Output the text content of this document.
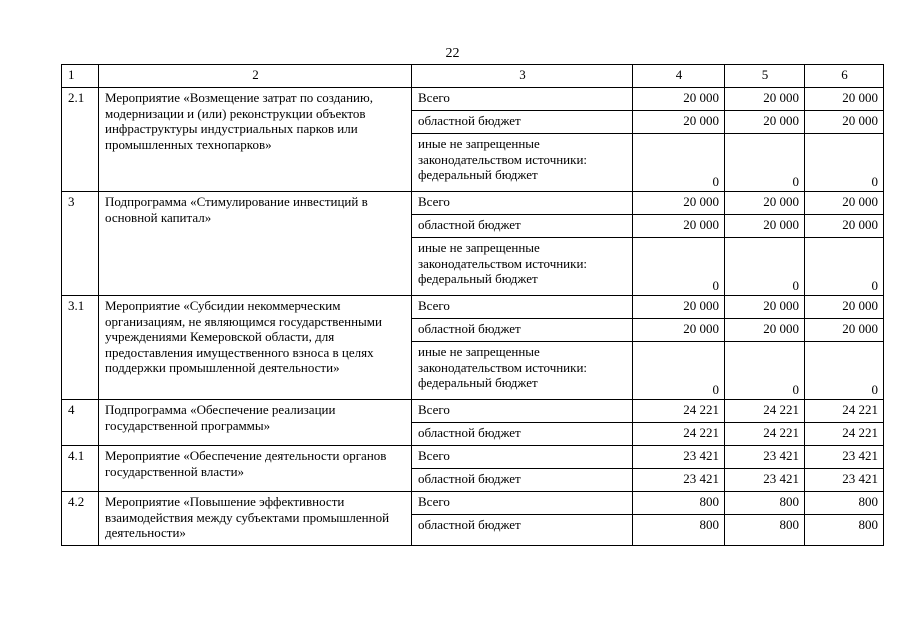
22
1	2	3	4	5	6
2.1	Мероприятие «Возмещение затрат по созданию, модернизации и (или) реконструкции объектов инфраструктуры индустриальных парков или промышленных технопарков»	Всего	20 000	20 000	20 000
		областной бюджет	20 000	20 000	20 000
		иные не запрещенные законодательством источники: федеральный бюджет	0	0	0
3	Подпрограмма «Стимулирование инвестиций в основной капитал»	Всего	20 000	20 000	20 000
		областной бюджет	20 000	20 000	20 000
		иные не запрещенные законодательством источники: федеральный бюджет	0	0	0
3.1	Мероприятие «Субсидии некоммерческим организациям, не являющимся государственными учреждениями Кемеровской области, для предоставления имущественного взноса в целях поддержки промышленной деятельности»	Всего	20 000	20 000	20 000
		областной бюджет	20 000	20 000	20 000
		иные не запрещенные законодательством источники: федеральный бюджет	0	0	0
4	Подпрограмма «Обеспечение реализации государственной программы»	Всего	24 221	24 221	24 221
		областной бюджет	24 221	24 221	24 221
4.1	Мероприятие «Обеспечение деятельности органов государственной власти»	Всего	23 421	23 421	23 421
		областной бюджет	23 421	23 421	23 421
4.2	Мероприятие «Повышение эффективности взаимодействия между субъектами промышленной деятельности»	Всего	800	800	800
		областной бюджет	800	800	800
